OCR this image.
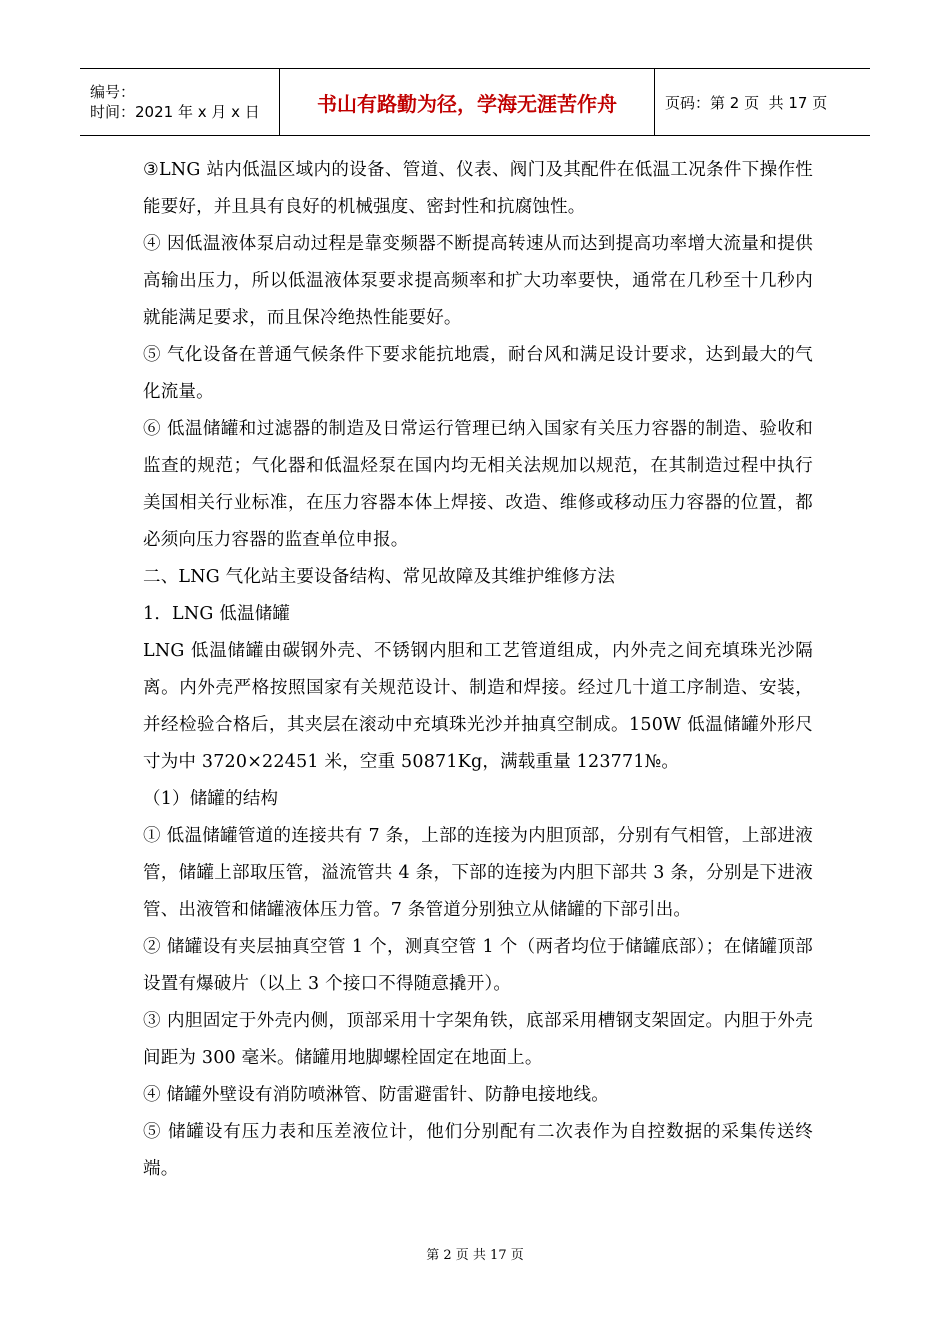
编号：
时间：2021 年 x 月 x 日	书山有路勤为径，学海无涯苦作舟	页码：第 2 页  共 17 页

③LNG 站内低温区域内的设备、管道、仪表、阀门及其配件在低温工况条件下操作性能要好，并且具有良好的机械强度、密封性和抗腐蚀性。

④ 因低温液体泵启动过程是靠变频器不断提高转速从而达到提高功率增大流量和提供高输出压力，所以低温液体泵要求提高频率和扩大功率要快，通常在几秒至十几秒内就能满足要求，而且保冷绝热性能要好。

⑤ 气化设备在普通气候条件下要求能抗地震，耐台风和满足设计要求，达到最大的气化流量。

⑥ 低温储罐和过滤器的制造及日常运行管理已纳入国家有关压力容器的制造、验收和监查的规范；气化器和低温烃泵在国内均无相关法规加以规范，在其制造过程中执行美国相关行业标准，在压力容器本体上焊接、改造、维修或移动压力容器的位置，都必须向压力容器的监查单位申报。

二、LNG 气化站主要设备结构、常见故障及其维护维修方法

1．LNG 低温储罐

LNG 低温储罐由碳钢外壳、不锈钢内胆和工艺管道组成，内外壳之间充填珠光沙隔离。内外壳严格按照国家有关规范设计、制造和焊接。经过几十道工序制造、安装，并经检验合格后，其夹层在滚动中充填珠光沙并抽真空制成。150W 低温储罐外形尺寸为中 3720×22451 米，空重 50871Kg，满载重量 123771№。

（1）储罐的结构

① 低温储罐管道的连接共有 7 条，上部的连接为内胆顶部，分别有气相管，上部进液管，储罐上部取压管，溢流管共 4 条，下部的连接为内胆下部共 3 条，分别是下进液管、出液管和储罐液体压力管。7 条管道分别独立从储罐的下部引出。

② 储罐设有夹层抽真空管 1 个，测真空管 1 个（两者均位于储罐底部）；在储罐顶部设置有爆破片（以上 3 个接口不得随意撬开）。

③ 内胆固定于外壳内侧，顶部采用十字架角铁，底部采用槽钢支架固定。内胆于外壳间距为 300 毫米。储罐用地脚螺栓固定在地面上。

④ 储罐外壁设有消防喷淋管、防雷避雷针、防静电接地线。

⑤ 储罐设有压力表和压差液位计，他们分别配有二次表作为自控数据的采集传送终端。

第 2 页 共 17 页
